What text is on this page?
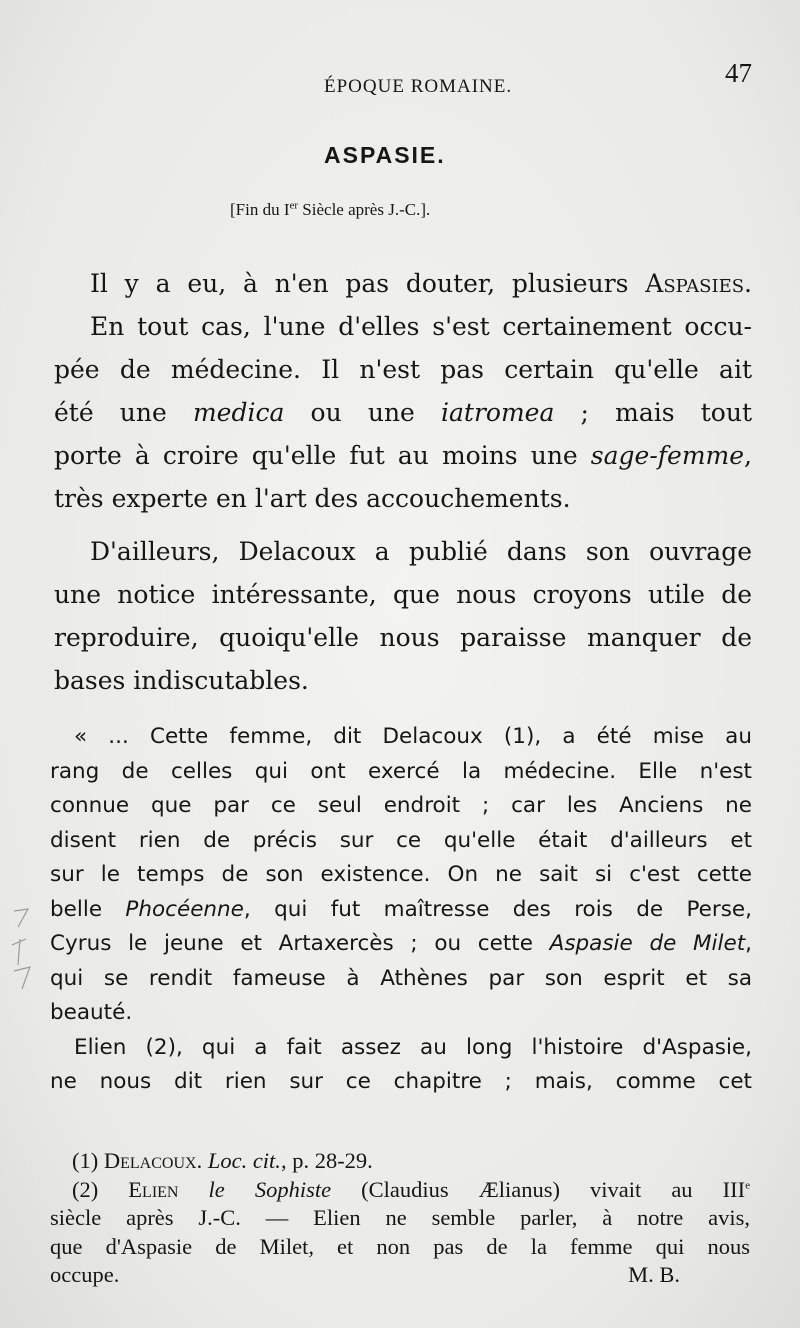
ÉPOQUE ROMAINE.	47
ASPASIE.
[Fin du Ier Siècle après J.-C.].
Il y a eu, à n'en pas douter, plusieurs Aspasies.
En tout cas, l'une d'elles s'est certainement occu-
pée de médecine. Il n'est pas certain qu'elle ait
été une medica ou une iatromea ; mais tout
porte à croire qu'elle fut au moins une sage-femme,
très experte en l'art des accouchements.
D'ailleurs, Delacoux a publié dans son ouvrage
une notice intéressante, que nous croyons utile de
reproduire, quoiqu'elle nous paraisse manquer de
bases indiscutables.
« ... Cette femme, dit Delacoux (1), a été mise au
rang de celles qui ont exercé la médecine. Elle n'est
connue que par ce seul endroit ; car les Anciens ne
disent rien de précis sur ce qu'elle était d'ailleurs et
sur le temps de son existence. On ne sait si c'est cette
belle Phocéenne, qui fut maîtresse des rois de Perse,
Cyrus le jeune et Artaxercès ; ou cette Aspasie de Milet,
qui se rendit fameuse à Athènes par son esprit et sa
beauté.
Elien (2), qui a fait assez au long l'histoire d'Aspasie,
ne nous dit rien sur ce chapitre ; mais, comme cet
(1) Delacoux. Loc. cit., p. 28-29.
(2) Elien le Sophiste (Claudius Ælianus) vivait au IIIe
siècle après J.-C. — Elien ne semble parler, à notre avis,
que d'Aspasie de Milet, et non pas de la femme qui nous
occupe.	M. B.
